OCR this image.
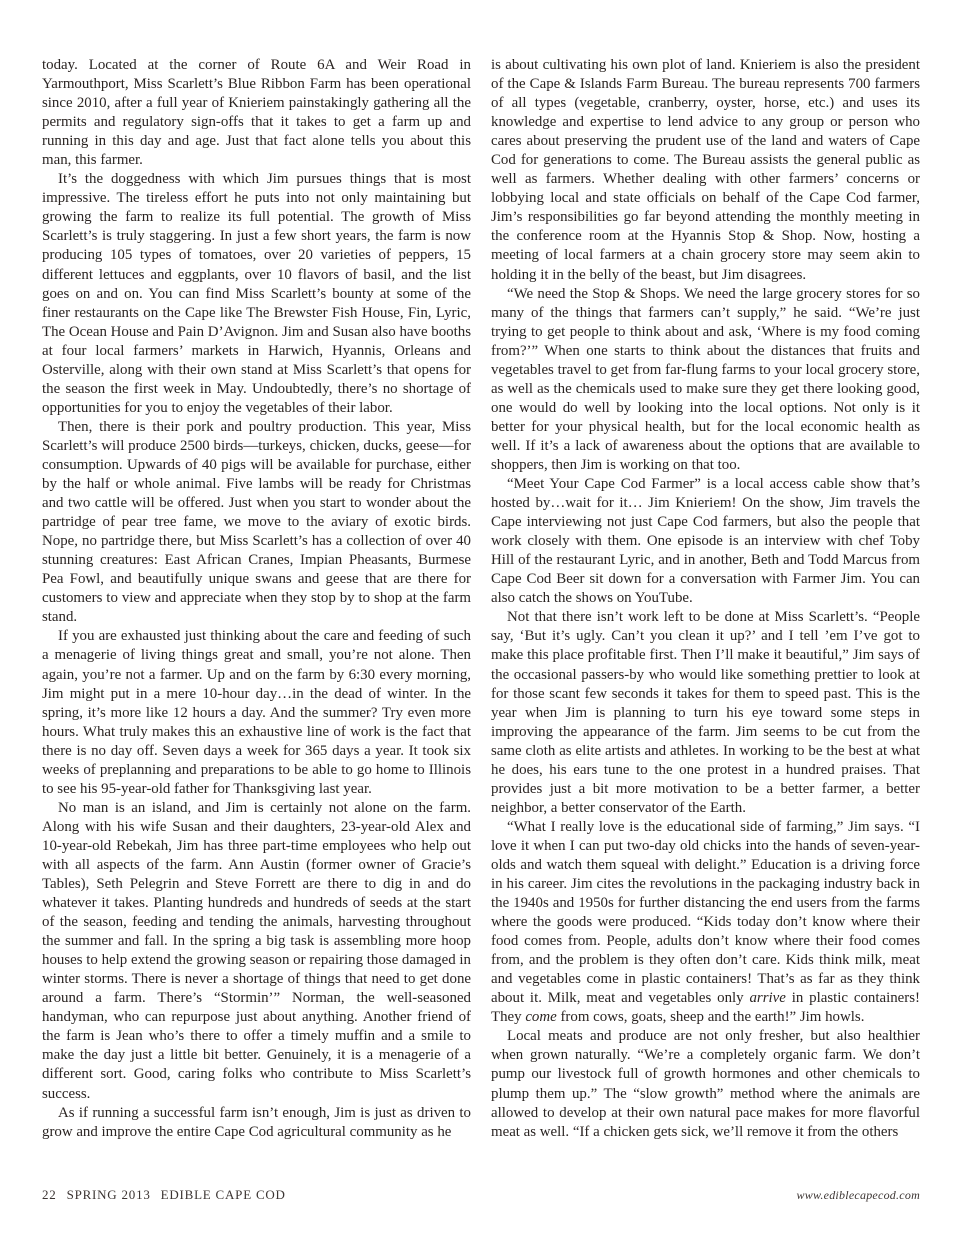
today. Located at the corner of Route 6A and Weir Road in Yarmouthport, Miss Scarlett’s Blue Ribbon Farm has been operational since 2010, after a full year of Knieriem painstakingly gathering all the permits and regulatory sign-offs that it takes to get a farm up and running in this day and age. Just that fact alone tells you about this man, this farmer.

It’s the doggedness with which Jim pursues things that is most impressive. The tireless effort he puts into not only maintaining but growing the farm to realize its full potential. The growth of Miss Scarlett’s is truly staggering. In just a few short years, the farm is now producing 105 types of tomatoes, over 20 varieties of peppers, 15 different lettuces and eggplants, over 10 flavors of basil, and the list goes on and on. You can find Miss Scarlett’s bounty at some of the finer restaurants on the Cape like The Brewster Fish House, Fin, Lyric, The Ocean House and Pain D’Avignon. Jim and Susan also have booths at four local farmers’ markets in Harwich, Hyannis, Orleans and Osterville, along with their own stand at Miss Scarlett’s that opens for the season the first week in May. Undoubtedly, there’s no shortage of opportunities for you to enjoy the vegetables of their labor.

Then, there is their pork and poultry production. This year, Miss Scarlett’s will produce 2500 birds—turkeys, chicken, ducks, geese—for consumption. Upwards of 40 pigs will be available for purchase, either by the half or whole animal. Five lambs will be ready for Christmas and two cattle will be offered. Just when you start to wonder about the partridge of pear tree fame, we move to the aviary of exotic birds. Nope, no partridge there, but Miss Scarlett’s has a collection of over 40 stunning creatures: East African Cranes, Impian Pheasants, Burmese Pea Fowl, and beautifully unique swans and geese that are there for customers to view and appreciate when they stop by to shop at the farm stand.

If you are exhausted just thinking about the care and feeding of such a menagerie of living things great and small, you’re not alone. Then again, you’re not a farmer. Up and on the farm by 6:30 every morning, Jim might put in a mere 10-hour day…in the dead of winter. In the spring, it’s more like 12 hours a day. And the summer? Try even more hours. What truly makes this an exhaustive line of work is the fact that there is no day off. Seven days a week for 365 days a year. It took six weeks of preplanning and preparations to be able to go home to Illinois to see his 95-year-old father for Thanksgiving last year.

No man is an island, and Jim is certainly not alone on the farm. Along with his wife Susan and their daughters, 23-year-old Alex and 10-year-old Rebekah, Jim has three part-time employees who help out with all aspects of the farm. Ann Austin (former owner of Gracie’s Tables), Seth Pelegrin and Steve Forrett are there to dig in and do whatever it takes. Planting hundreds and hundreds of seeds at the start of the season, feeding and tending the animals, harvesting throughout the summer and fall. In the spring a big task is assembling more hoop houses to help extend the growing season or repairing those damaged in winter storms. There is never a shortage of things that need to get done around a farm. There’s “Stormin’” Norman, the well-seasoned handyman, who can repurpose just about anything. Another friend of the farm is Jean who’s there to offer a timely muffin and a smile to make the day just a little bit better. Genuinely, it is a menagerie of a different sort. Good, caring folks who contribute to Miss Scarlett’s success.

As if running a successful farm isn’t enough, Jim is just as driven to grow and improve the entire Cape Cod agricultural community as he

is about cultivating his own plot of land. Knieriem is also the president of the Cape & Islands Farm Bureau. The bureau represents 700 farmers of all types (vegetable, cranberry, oyster, horse, etc.) and uses its knowledge and expertise to lend advice to any group or person who cares about preserving the prudent use of the land and waters of Cape Cod for generations to come. The Bureau assists the general public as well as farmers. Whether dealing with other farmers’ concerns or lobbying local and state officials on behalf of the Cape Cod farmer, Jim’s responsibilities go far beyond attending the monthly meeting in the conference room at the Hyannis Stop & Shop. Now, hosting a meeting of local farmers at a chain grocery store may seem akin to holding it in the belly of the beast, but Jim disagrees.

“We need the Stop & Shops. We need the large grocery stores for so many of the things that farmers can’t supply,” he said. “We’re just trying to get people to think about and ask, ‘Where is my food coming from?’” When one starts to think about the distances that fruits and vegetables travel to get from far-flung farms to your local grocery store, as well as the chemicals used to make sure they get there looking good, one would do well by looking into the local options. Not only is it better for your physical health, but for the local economic health as well. If it’s a lack of awareness about the options that are available to shoppers, then Jim is working on that too.

“Meet Your Cape Cod Farmer” is a local access cable show that’s hosted by…wait for it… Jim Knieriem! On the show, Jim travels the Cape interviewing not just Cape Cod farmers, but also the people that work closely with them. One episode is an interview with chef Toby Hill of the restaurant Lyric, and in another, Beth and Todd Marcus from Cape Cod Beer sit down for a conversation with Farmer Jim. You can also catch the shows on YouTube.

Not that there isn’t work left to be done at Miss Scarlett’s. “People say, ‘But it’s ugly. Can’t you clean it up?’ and I tell ’em I’ve got to make this place profitable first. Then I’ll make it beautiful,” Jim says of the occasional passers-by who would like something prettier to look at for those scant few seconds it takes for them to speed past. This is the year when Jim is planning to turn his eye toward some steps in improving the appearance of the farm. Jim seems to be cut from the same cloth as elite artists and athletes. In working to be the best at what he does, his ears tune to the one protest in a hundred praises. That provides just a bit more motivation to be a better farmer, a better neighbor, a better conservator of the Earth.

“What I really love is the educational side of farming,” Jim says. “I love it when I can put two-day old chicks into the hands of seven-year-olds and watch them squeal with delight.” Education is a driving force in his career. Jim cites the revolutions in the packaging industry back in the 1940s and 1950s for further distancing the end users from the farms where the goods were produced. “Kids today don’t know where their food comes from. People, adults don’t know where their food comes from, and the problem is they often don’t care. Kids think milk, meat and vegetables come in plastic containers! That’s as far as they think about it. Milk, meat and vegetables only arrive in plastic containers! They come from cows, goats, sheep and the earth!” Jim howls.

Local meats and produce are not only fresher, but also healthier when grown naturally. “We’re a completely organic farm. We don’t pump our livestock full of growth hormones and other chemicals to plump them up.” The “slow growth” method where the animals are allowed to develop at their own natural pace makes for more flavorful meat as well. “If a chicken gets sick, we’ll remove it from the others

22 SPRING 2013 EDIBLE CAPE COD	www.ediblecapecod.com
